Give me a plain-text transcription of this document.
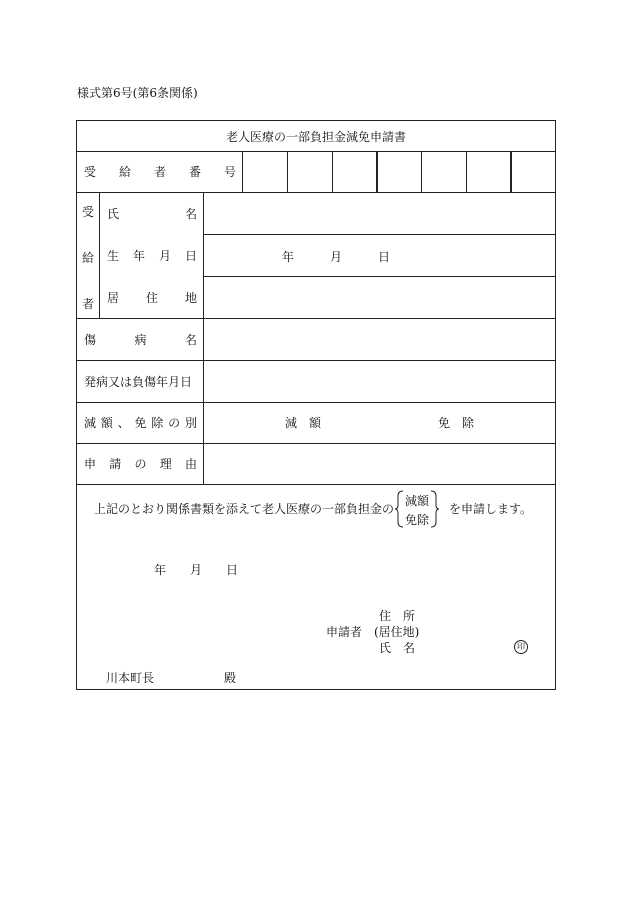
様式第6号(第6条関係)
老人医療の一部負担金減免申請書
受 給 者 番 号
受
給
者
氏	名
生 年 月 日	年	月	日
居 住 地
傷	病	名
発病又は負傷年月日
減 額 、 免 除 の 別	減 額	免 除
申 請 の 理 由
上記のとおり関係書類を添えて老人医療の一部負担金の
減額
免除
を申請します。
年 月 日
住　所
申請者 (居住地)
氏　名	印
川本町長	殿
